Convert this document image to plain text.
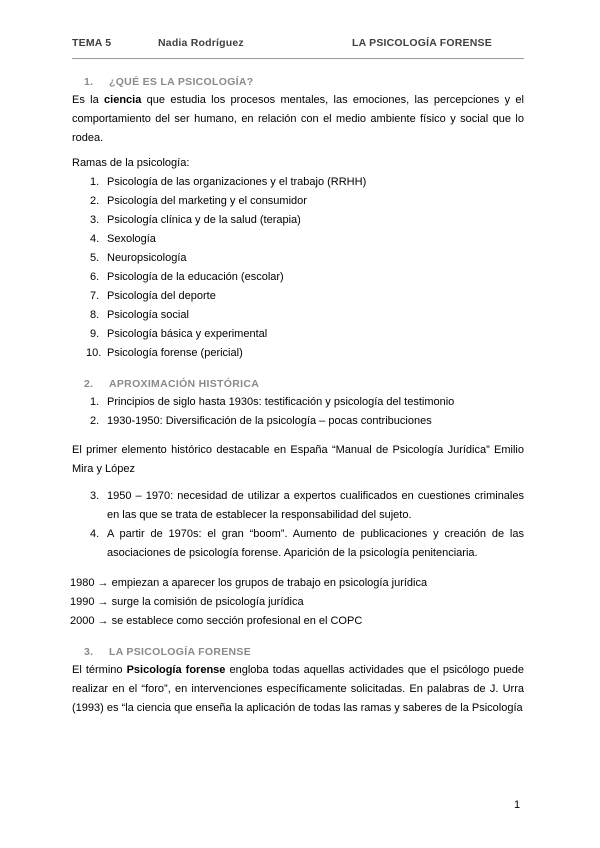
TEMA 5	Nadia Rodríguez	LA PSICOLOGÍA FORENSE
1. ¿QUÉ ES LA PSICOLOGÍA?

Es la ciencia que estudia los procesos mentales, las emociones, las percepciones y el comportamiento del ser humano, en relación con el medio ambiente físico y social que lo rodea.

Ramas de la psicología:

1. Psicología de las organizaciones y el trabajo (RRHH)
2. Psicología del marketing y el consumidor
3. Psicología clínica y de la salud (terapia)
4. Sexología
5. Neuropsicología
6. Psicología de la educación (escolar)
7. Psicología del deporte
8. Psicología social
9. Psicología básica y experimental
10. Psicología forense (pericial)
2. APROXIMACIÓN HISTÓRICA
1. Principios de siglo hasta 1930s: testificación y psicología del testimonio
2. 1930-1950: Diversificación de la psicología – pocas contribuciones

El primer elemento histórico destacable en España “Manual de Psicología Jurídica” Emilio Mira y López

3. 1950 – 1970: necesidad de utilizar a expertos cualificados en cuestiones criminales en las que se trata de establecer la responsabilidad del sujeto.
4. A partir de 1970s: el gran “boom”. Aumento de publicaciones y creación de las asociaciones de psicología forense. Aparición de la psicología penitenciaria.
1980 → empiezan a aparecer los grupos de trabajo en psicología jurídica
1990 → surge la comisión de psicología jurídica
2000 → se establece como sección profesional en el COPC
3. LA PSICOLOGÍA FORENSE

El término Psicología forense engloba todas aquellas actividades que el psicólogo puede realizar en el “foro”, en intervenciones específicamente solicitadas. En palabras de J. Urra (1993) es “la ciencia que enseña la aplicación de todas las ramas y saberes de la Psicología

1
